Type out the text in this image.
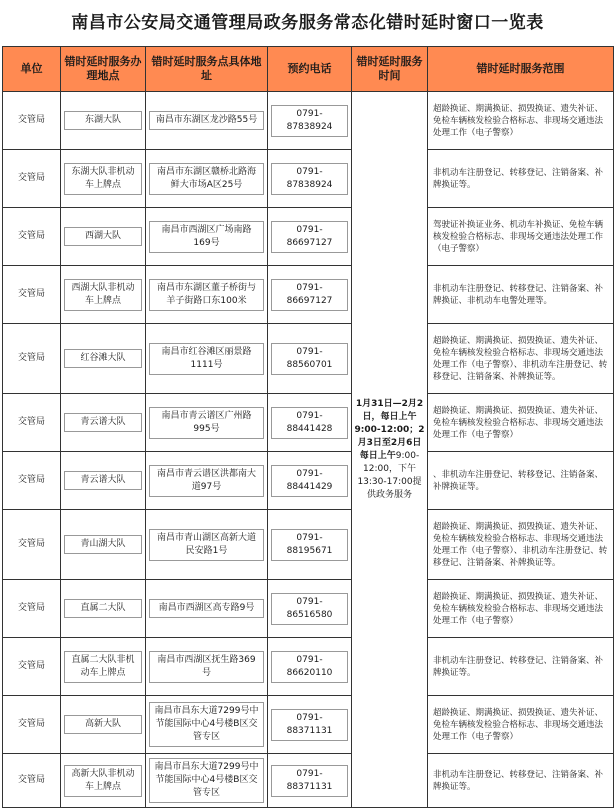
南昌市公安局交通管理局政务服务常态化错时延时窗口一览表
单位	错时延时服务办理地点	错时延时服务点具体地址	预约电话	错时延时服务时间	错时延时服务范围
交管局	东湖大队	南昌市东湖区龙沙路55号	0791-87838924	1月31日—2月2日，每日上午9:00-12:00；2月3日至2月6日每日上午9:00-12:00，下午13:30-17:00提供政务服务	超龄换证、期满换证、损毁换证、遗失补证、免检车辆核发检验合格标志、非现场交通违法处理工作（电子警察）
交管局	东湖大队非机动车上牌点	南昌市东湖区赣桥北路海鲜大市场A区25号	0791-87838924		非机动车注册登记、转移登记、注销备案、补牌换证等。
交管局	西湖大队	南昌市西湖区广场南路169号	0791-86697127		驾驶证补换证业务、机动车补换证、免检车辆核发检验合格标志、非现场交通违法处理工作（电子警察）
交管局	西湖大队非机动车上牌点	南昌市东湖区董子桥街与羊子街路口东100米	0791-86697127		非机动车注册登记、转移登记、注销备案、补牌换证、非机动车电警处理等。
交管局	红谷滩大队	南昌市红谷滩区丽景路1111号	0791-88560701		超龄换证、期满换证、损毁换证、遗失补证、免检车辆核发检验合格标志、非现场交通违法处理工作（电子警察）、非机动车注册登记、转移登记、注销备案、补牌换证等。
交管局	青云谱大队	南昌市青云谱区广州路995号	0791-88441428		超龄换证、期满换证、损毁换证、遗失补证、免检车辆核发检验合格标志、非现场交通违法处理工作（电子警察）
交管局	青云谱大队	南昌市青云谱区洪都南大道97号	0791-88441429		、非机动车注册登记、转移登记、注销备案、补牌换证等。
交管局	青山湖大队	南昌市青山湖区高新大道民安路1号	0791-88195671		超龄换证、期满换证、损毁换证、遗失补证、免检车辆核发检验合格标志、非现场交通违法处理工作（电子警察）、非机动车注册登记、转移登记、注销备案、补牌换证等。
交管局	直属二大队	南昌市西湖区高专路9号	0791-86516580		超龄换证、期满换证、损毁换证、遗失补证、免检车辆核发检验合格标志、非现场交通违法处理工作（电子警察）
交管局	直属二大队非机动车上牌点	南昌市西湖区抚生路369号	0791-86620110		非机动车注册登记、转移登记、注销备案、补牌换证等。
交管局	高新大队	南昌市昌东大道7299号中节能国际中心4号楼B区交管专区	0791-88371131		超龄换证、期满换证、损毁换证、遗失补证、免检车辆核发检验合格标志、非现场交通违法处理工作（电子警察）
交管局	高新大队非机动车上牌点	南昌市昌东大道7299号中节能国际中心4号楼B区交管专区	0791-88371131		非机动车注册登记、转移登记、注销备案、补牌换证等。
